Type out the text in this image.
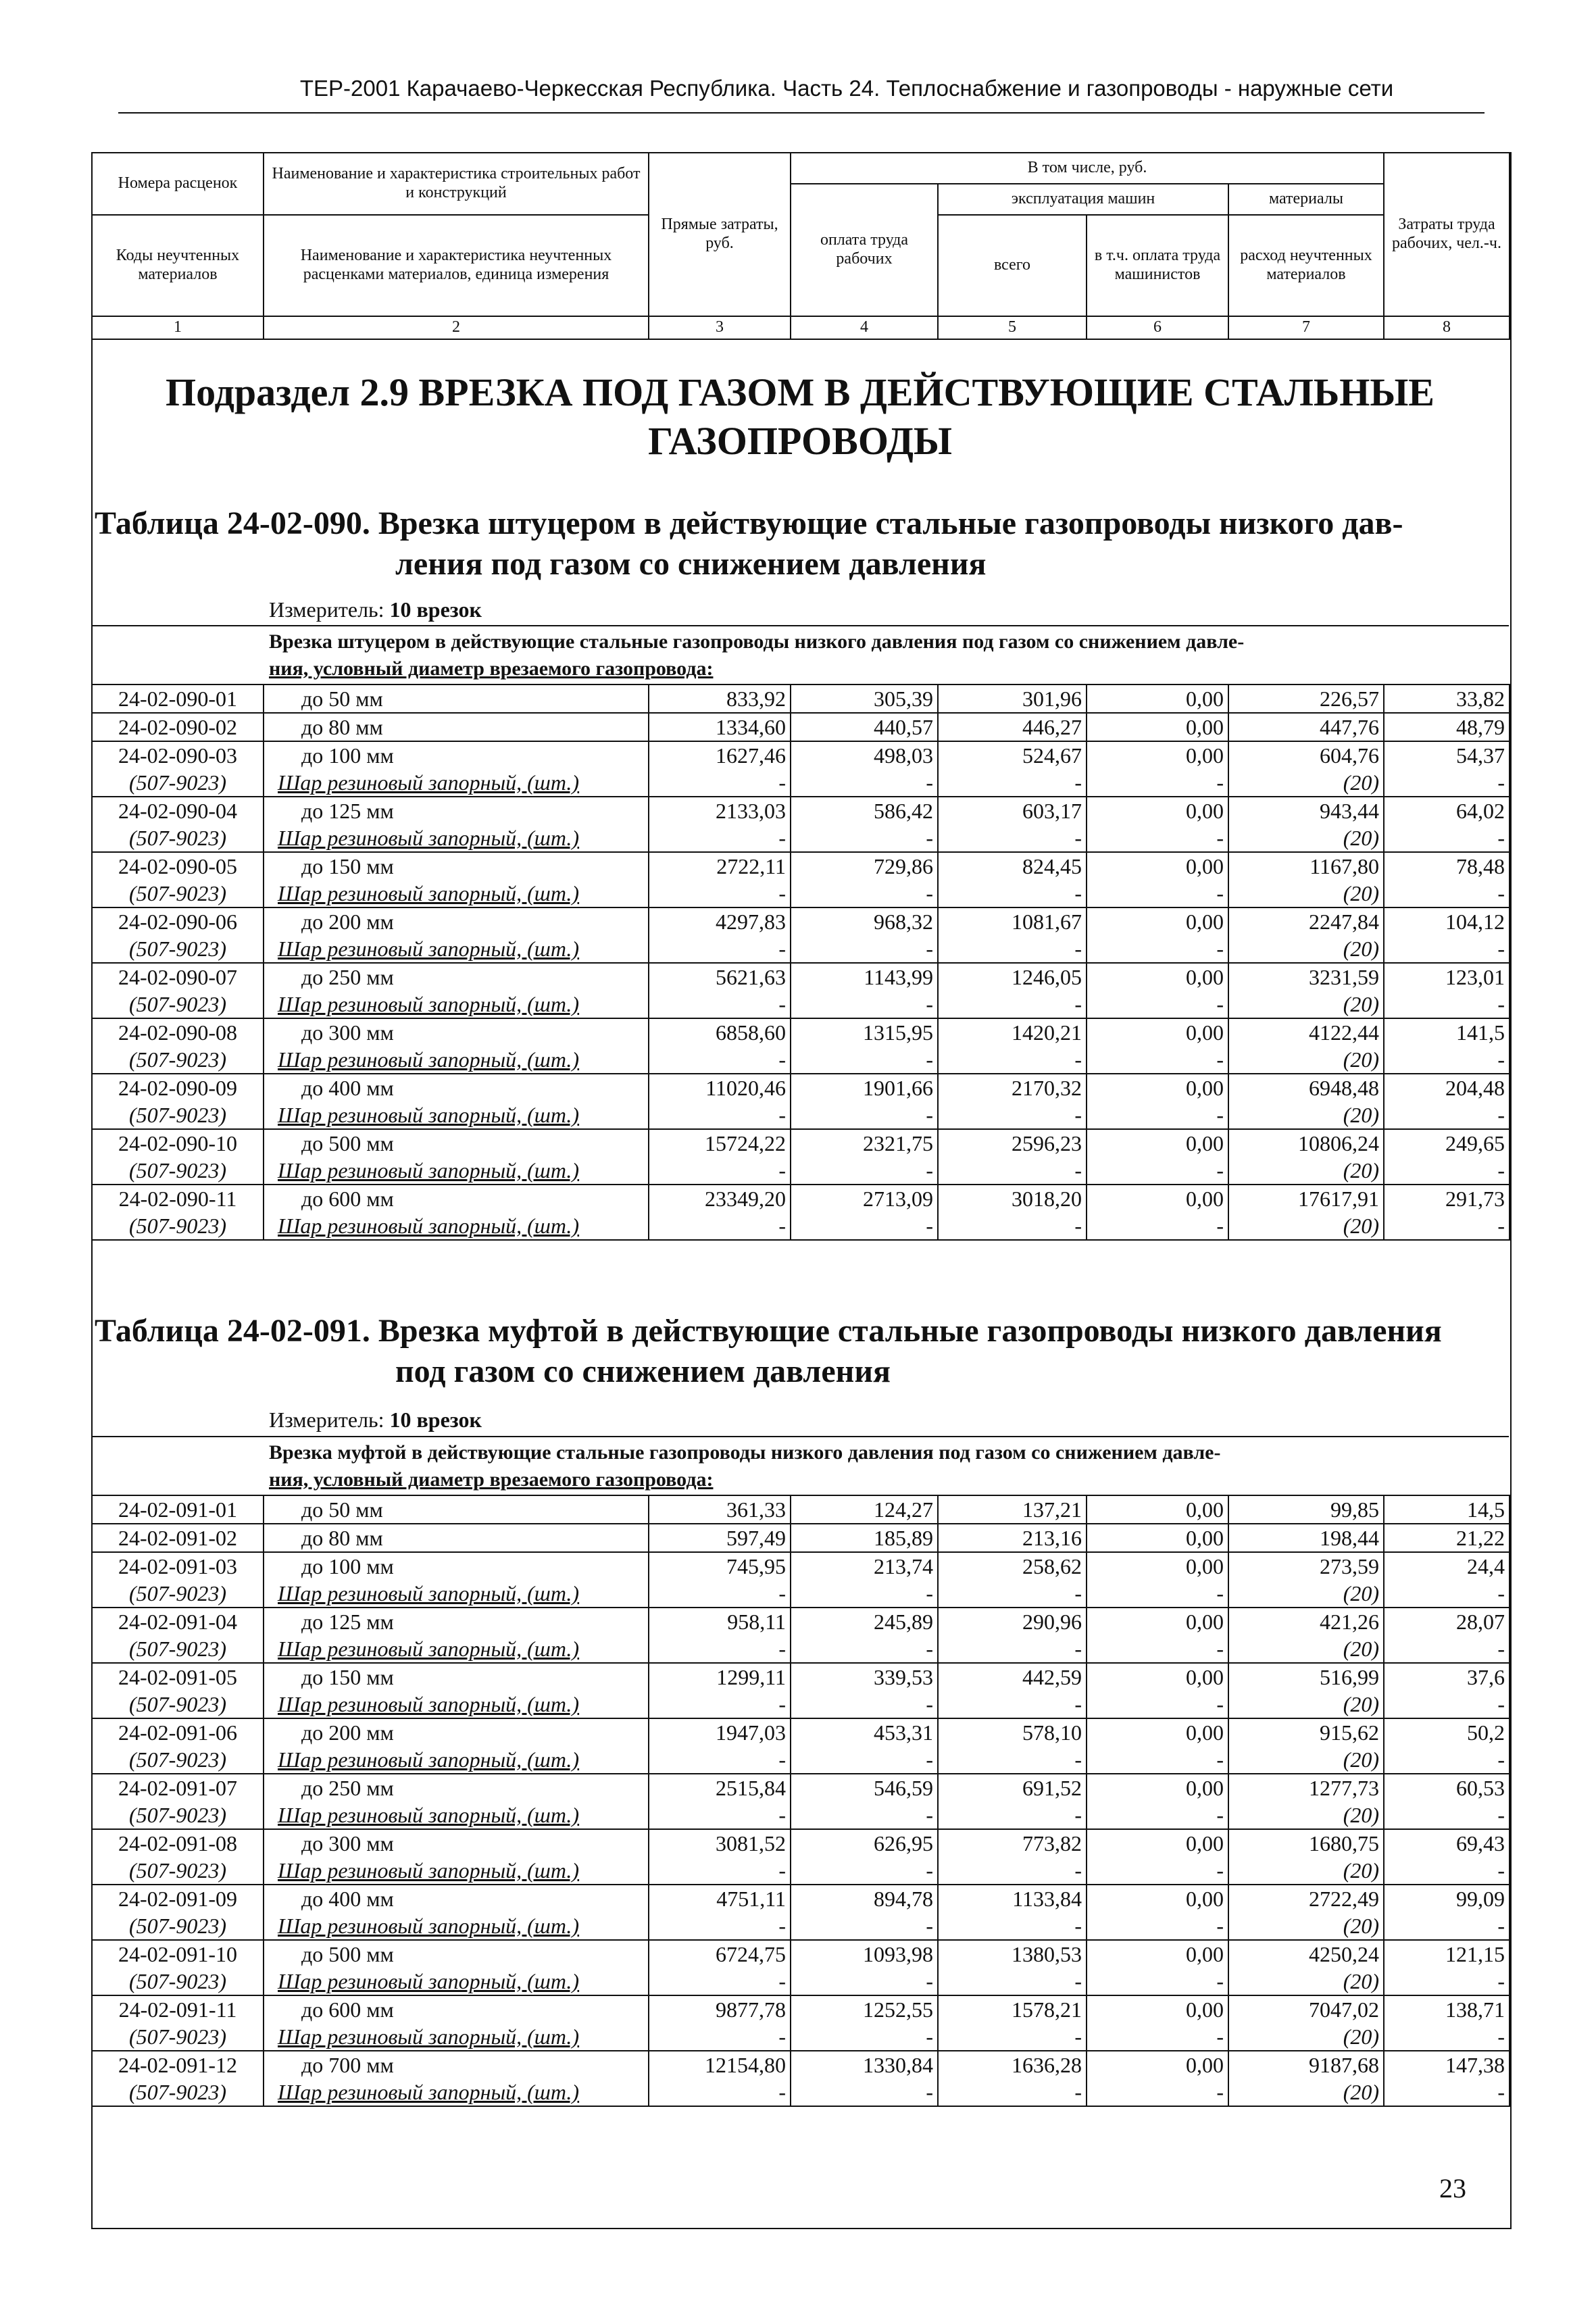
ТЕР-2001 Карачаево-Черкесская Республика. Часть 24. Теплоснабжение и газопроводы - наружные сети
Номера расценок	Наименование и характеристика строительных работ и конструкций	Прямые затраты, руб.	В том числе, руб.				Затраты труда рабочих, чел.-ч.
			оплата труда рабочих	эксплуатация машин		материалы	
Коды неучтенных материалов	Наименование и характеристика неучтенных расценками материалов, единица измерения			всего	в т.ч. оплата труда машинистов	расход неучтенных материалов	

1	2	3	4	5	6	7	8
Подраздел 2.9 ВРЕЗКА ПОД ГАЗОМ В ДЕЙСТВУЮЩИЕ СТАЛЬНЫЕ ГАЗОПРОВОДЫ
Таблица 24-02-090. Врезка штуцером в действующие стальные газопроводы низкого дав-
ления под газом со снижением давления
Измеритель: 10 врезок
Врезка штуцером в действующие стальные газопроводы низкого давления под газом со снижением давле-
ния, условный диаметр врезаемого газопровода:
24-02-090-01	до 50 мм	833,92	305,39	301,96	0,00	226,57	33,82
24-02-090-02	до 80 мм	1334,60	440,57	446,27	0,00	447,76	48,79
24-02-090-03	до 100 мм	1627,46	498,03	524,67	0,00	604,76	54,37
(507-9023)	Шар резиновый запорный, (шт.)	-	-	-	-	(20)	-
24-02-090-04	до 125 мм	2133,03	586,42	603,17	0,00	943,44	64,02
(507-9023)	Шар резиновый запорный, (шт.)	-	-	-	-	(20)	-
24-02-090-05	до 150 мм	2722,11	729,86	824,45	0,00	1167,80	78,48
(507-9023)	Шар резиновый запорный, (шт.)	-	-	-	-	(20)	-
24-02-090-06	до 200 мм	4297,83	968,32	1081,67	0,00	2247,84	104,12
(507-9023)	Шар резиновый запорный, (шт.)	-	-	-	-	(20)	-
24-02-090-07	до 250 мм	5621,63	1143,99	1246,05	0,00	3231,59	123,01
(507-9023)	Шар резиновый запорный, (шт.)	-	-	-	-	(20)	-
24-02-090-08	до 300 мм	6858,60	1315,95	1420,21	0,00	4122,44	141,5
(507-9023)	Шар резиновый запорный, (шт.)	-	-	-	-	(20)	-
24-02-090-09	до 400 мм	11020,46	1901,66	2170,32	0,00	6948,48	204,48
(507-9023)	Шар резиновый запорный, (шт.)	-	-	-	-	(20)	-
24-02-090-10	до 500 мм	15724,22	2321,75	2596,23	0,00	10806,24	249,65
(507-9023)	Шар резиновый запорный, (шт.)	-	-	-	-	(20)	-
24-02-090-11	до 600 мм	23349,20	2713,09	3018,20	0,00	17617,91	291,73
(507-9023)	Шар резиновый запорный, (шт.)	-	-	-	-	(20)	-
Таблица 24-02-091. Врезка муфтой в действующие стальные газопроводы низкого давления
под газом со снижением давления
Измеритель: 10 врезок
Врезка муфтой в действующие стальные газопроводы низкого давления под газом со снижением давле-
ния, условный диаметр врезаемого газопровода:
24-02-091-01	до 50 мм	361,33	124,27	137,21	0,00	99,85	14,5
24-02-091-02	до 80 мм	597,49	185,89	213,16	0,00	198,44	21,22
24-02-091-03	до 100 мм	745,95	213,74	258,62	0,00	273,59	24,4
(507-9023)	Шар резиновый запорный, (шт.)	-	-	-	-	(20)	-
24-02-091-04	до 125 мм	958,11	245,89	290,96	0,00	421,26	28,07
(507-9023)	Шар резиновый запорный, (шт.)	-	-	-	-	(20)	-
24-02-091-05	до 150 мм	1299,11	339,53	442,59	0,00	516,99	37,6
(507-9023)	Шар резиновый запорный, (шт.)	-	-	-	-	(20)	-
24-02-091-06	до 200 мм	1947,03	453,31	578,10	0,00	915,62	50,2
(507-9023)	Шар резиновый запорный, (шт.)	-	-	-	-	(20)	-
24-02-091-07	до 250 мм	2515,84	546,59	691,52	0,00	1277,73	60,53
(507-9023)	Шар резиновый запорный, (шт.)	-	-	-	-	(20)	-
24-02-091-08	до 300 мм	3081,52	626,95	773,82	0,00	1680,75	69,43
(507-9023)	Шар резиновый запорный, (шт.)	-	-	-	-	(20)	-
24-02-091-09	до 400 мм	4751,11	894,78	1133,84	0,00	2722,49	99,09
(507-9023)	Шар резиновый запорный, (шт.)	-	-	-	-	(20)	-
24-02-091-10	до 500 мм	6724,75	1093,98	1380,53	0,00	4250,24	121,15
(507-9023)	Шар резиновый запорный, (шт.)	-	-	-	-	(20)	-
24-02-091-11	до 600 мм	9877,78	1252,55	1578,21	0,00	7047,02	138,71
(507-9023)	Шар резиновый запорный, (шт.)	-	-	-	-	(20)	-
24-02-091-12	до 700 мм	12154,80	1330,84	1636,28	0,00	9187,68	147,38
(507-9023)	Шар резиновый запорный, (шт.)	-	-	-	-	(20)	-
23
